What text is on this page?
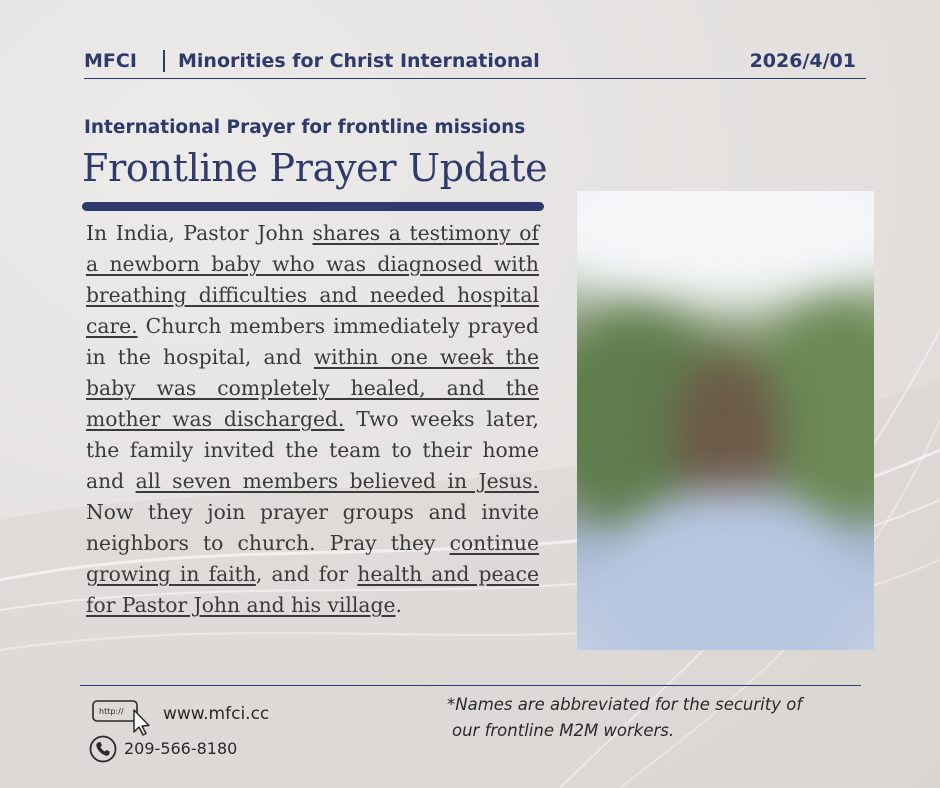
MFCI Minorities for Christ International	2026/4/01
International Prayer for frontline missions
Frontline Prayer Update
In India, Pastor John shares a testimony of a newborn baby who was diagnosed with breathing difficulties and needed hospital care. Church members immediately prayed in the hospital, and within one week the baby was completely healed, and the mother was discharged. Two weeks later, the family invited the team to their home and all seven members believed in Jesus. Now they join prayer groups and invite neighbors to church. Pray they continue growing in faith, and for health and peace for Pastor John and his village.
http:// www.mfci.cc
209-566-8180
*Names are abbreviated for the security of
our frontline M2M workers.
